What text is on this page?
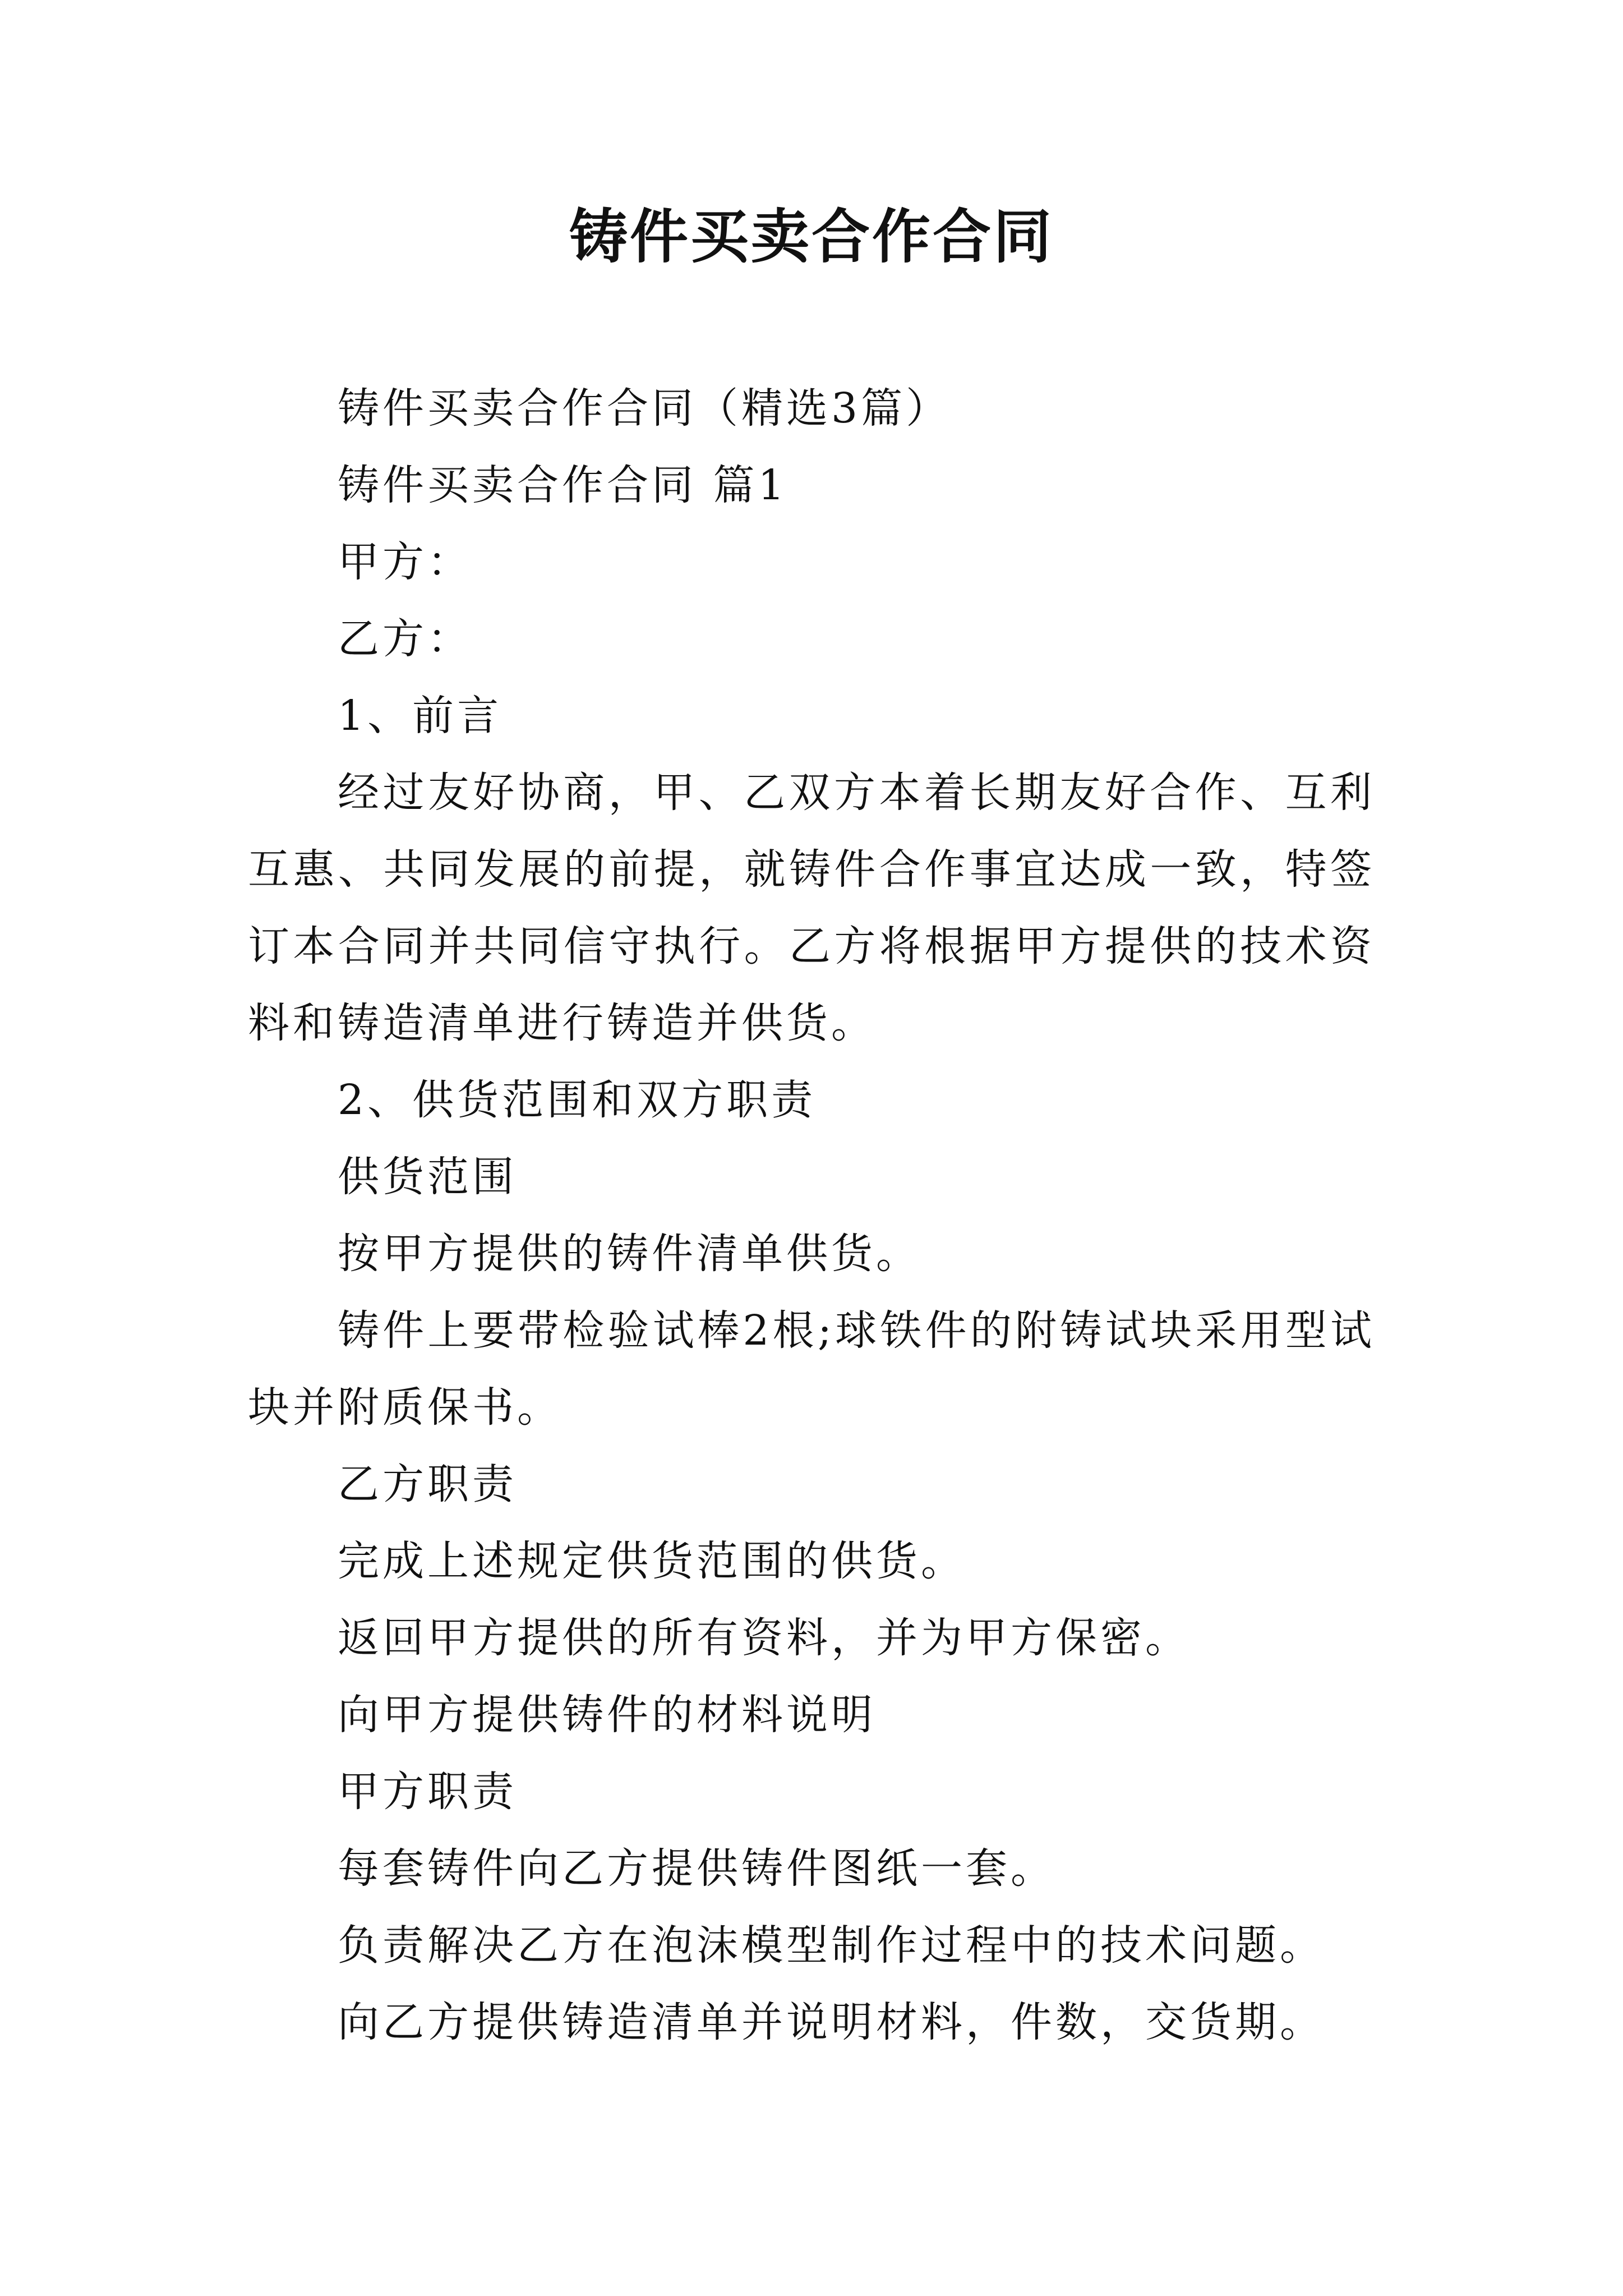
铸件买卖合作合同

铸件买卖合作合同（精选3篇）

铸件买卖合作合同 篇1

甲方：

乙方：

1、前言

经过友好协商，甲、乙双方本着长期友好合作、互利互惠、共同发展的前提，就铸件合作事宜达成一致，特签订本合同并共同信守执行。乙方将根据甲方提供的技术资料和铸造清单进行铸造并供货。

2、供货范围和双方职责

供货范围

按甲方提供的铸件清单供货。

铸件上要带检验试棒2根;球铁件的附铸试块采用型试块并附质保书。

乙方职责

完成上述规定供货范围的供货。

返回甲方提供的所有资料，并为甲方保密。

向甲方提供铸件的材料说明

甲方职责

每套铸件向乙方提供铸件图纸一套。

负责解决乙方在泡沫模型制作过程中的技术问题。

向乙方提供铸造清单并说明材料，件数，交货期。
